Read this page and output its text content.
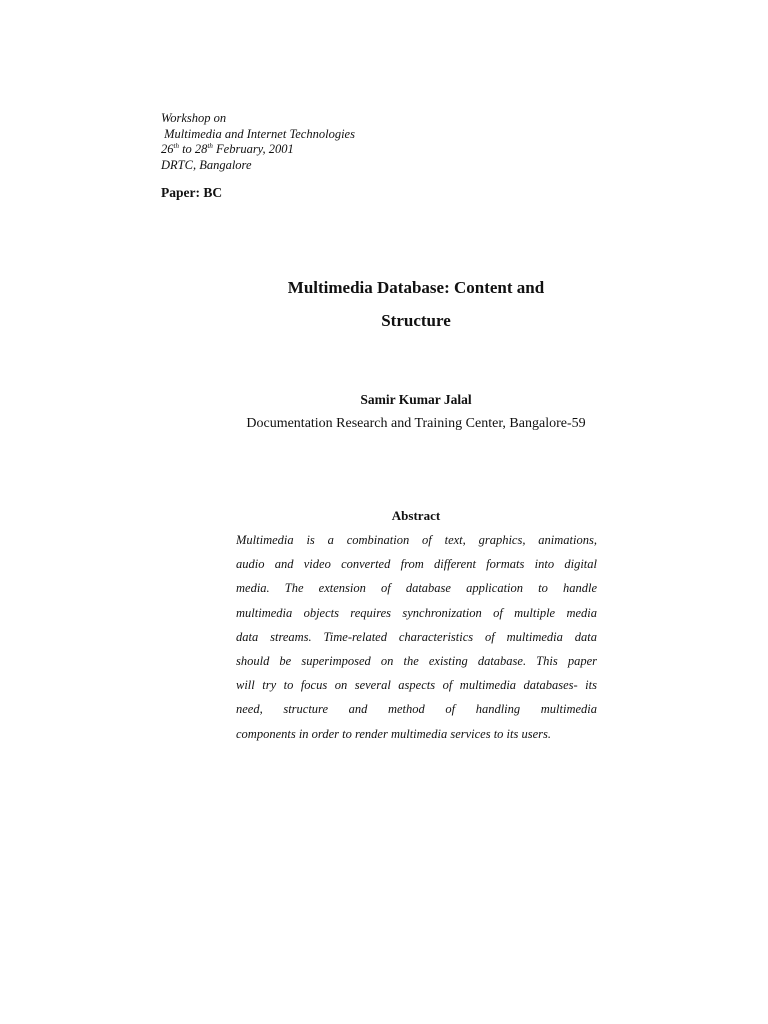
Workshop on
Multimedia and Internet Technologies
26th to 28th February, 2001
DRTC, Bangalore
Paper: BC
Multimedia Database: Content and
Structure
Samir Kumar Jalal
Documentation Research and Training Center, Bangalore-59
Abstract
Multimedia is a combination of text, graphics, animations,
audio and video converted from different formats into digital
media. The extension of database application to handle
multimedia objects requires synchronization of multiple media
data streams. Time-related characteristics of multimedia data
should be superimposed on the existing database. This paper
will try to focus on several aspects of multimedia databases- its
need, structure and method of handling multimedia
components in order to render multimedia services to its users.
